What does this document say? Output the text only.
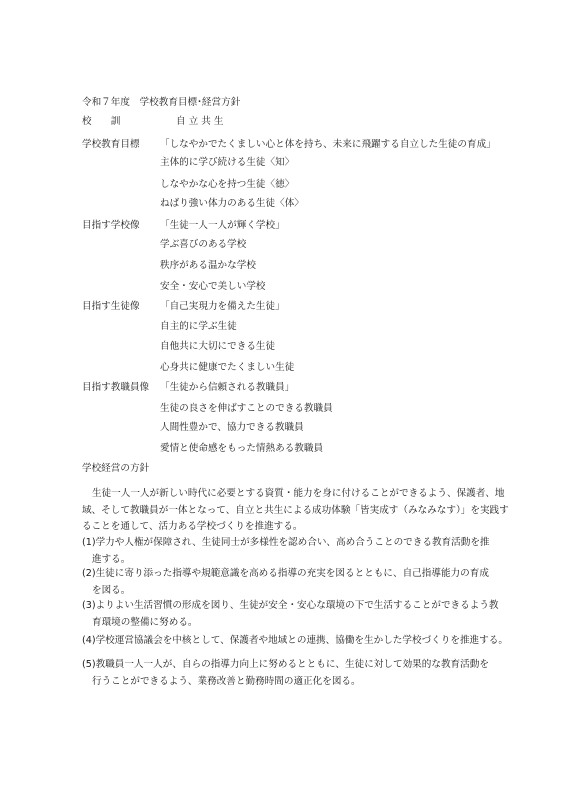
令和７年度　学校教育目標･経営方針
校　　訓	自 立 共 生
学校教育目標 「しなやかでたくましい心と体を持ち、未来に飛躍する自立した生徒の育成」
主体的に学び続ける生徒〈知〉
しなやかな心を持つ生徒〈徳〉
ねばり強い体力のある生徒〈体〉
目指す学校像 「生徒一人一人が輝く学校」
学ぶ喜びのある学校
秩序がある温かな学校
安全・安心で美しい学校
目指す生徒像 「自己実現力を備えた生徒」
自主的に学ぶ生徒
自他共に大切にできる生徒
心身共に健康でたくましい生徒
目指す教職員像 「生徒から信頼される教職員」
生徒の良さを伸ばすことのできる教職員
人間性豊かで、協力できる教職員
愛情と使命感をもった情熱ある教職員
学校経営の方針
生徒一人一人が新しい時代に必要とする資質・能力を身に付けることができるよう、保護者、地
域、そして教職員が一体となって、自立と共生による成功体験「皆実成す（みなみなす）」を実践す
ることを通して、活力ある学校づくりを推進する。
(1)学力や人権が保障され、生徒同士が多様性を認め合い、高め合うことのできる教育活動を推
進する。
(2)生徒に寄り添った指導や規範意識を高める指導の充実を図るとともに、自己指導能力の育成
を図る。
(3)よりよい生活習慣の形成を図り、生徒が安全・安心な環境の下で生活することができるよう教
育環境の整備に努める。
(4)学校運営協議会を中核として、保護者や地域との連携、協働を生かした学校づくりを推進する。
(5)教職員一人一人が、自らの指導力向上に努めるとともに、生徒に対して効果的な教育活動を
行うことができるよう、業務改善と勤務時間の適正化を図る。
